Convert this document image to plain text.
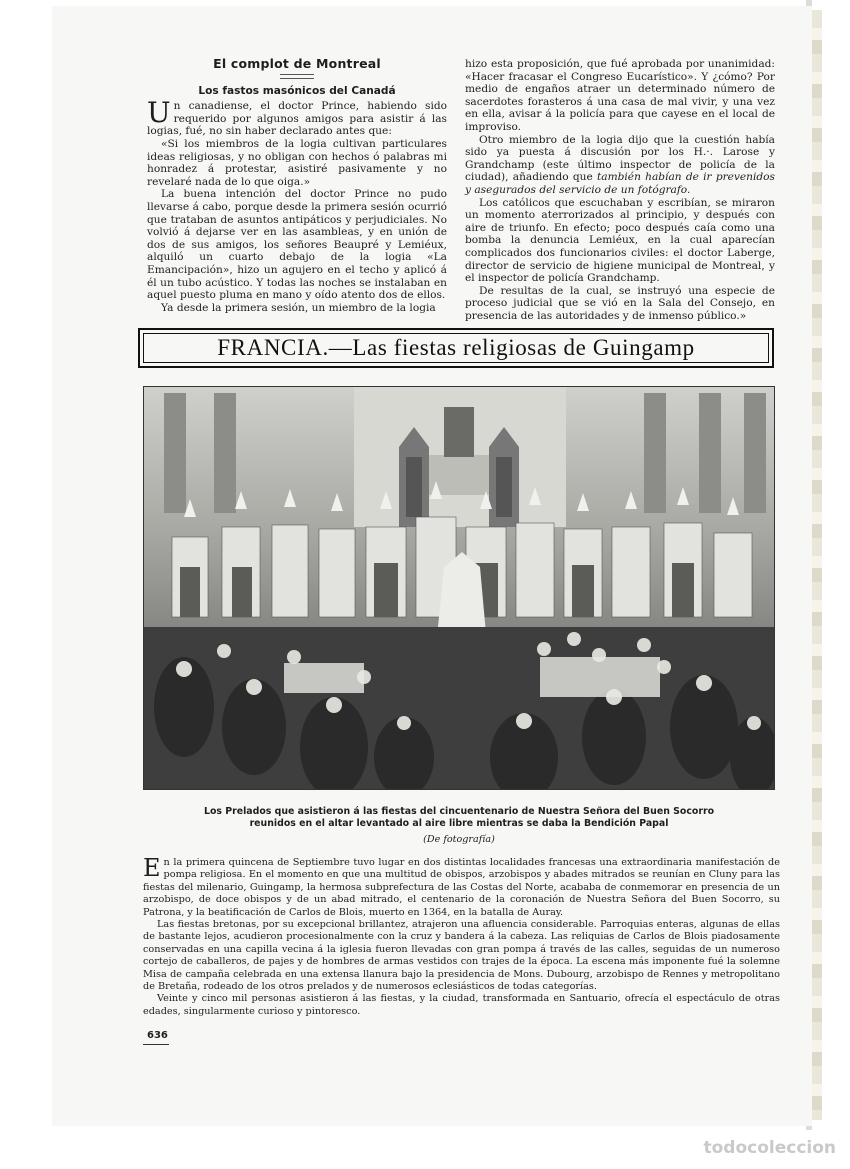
El complot de Montreal
Los fastos masónicos del Canadá

Un canadiense, el doctor Prince, habiendo sido requerido por algunos amigos para asistir á las logias, fué, no sin haber declarado antes que:

«Si los miembros de la logia cultivan particulares ideas religiosas, y no obligan con hechos ó palabras mi honradez á protestar, asistiré pasivamente y no revelaré nada de lo que oiga.»

La buena intención del doctor Prince no pudo llevarse á cabo, porque desde la primera sesión ocurrió que trataban de asuntos antipáticos y perjudiciales. No volvió á dejarse ver en las asambleas, y en unión de dos de sus amigos, los señores Beaupré y Lemiéux, alquiló un cuarto debajo de la logia «La Emancipación», hizo un agujero en el techo y aplicó á él un tubo acústico. Y todas las noches se instalaban en aquel puesto pluma en mano y oído atento dos de ellos.

Ya desde la primera sesión, un miembro de la logia

hizo esta proposición, que fué aprobada por unanimidad: «Hacer fracasar el Congreso Eucarístico». Y ¿cómo? Por medio de engaños atraer un determinado número de sacerdotes forasteros á una casa de mal vivir, y una vez en ella, avisar á la policía para que cayese en el local de improviso.

Otro miembro de la logia dijo que la cuestión había sido ya puesta á discusión por los H.·. Larose y Grandchamp (este último inspector de policía de la ciudad), añadiendo que también habían de ir prevenidos y asegurados del servicio de un fotógrafo.

Los católicos que escuchaban y escribían, se miraron un momento aterrorizados al principio, y después con aire de triunfo. En efecto; poco después caía como una bomba la denuncia Lemiéux, en la cual aparecían complicados dos funcionarios civiles: el doctor Laberge, director de servicio de higiene municipal de Montreal, y el inspector de policía Grandchamp.

De resultas de la cual, se instruyó una especie de proceso judicial que se vió en la Sala del Consejo, en presencia de las autoridades y de inmenso público.»

FRANCIA.—Las fiestas religiosas de Guingamp
Los Prelados que asistieron á las fiestas del cincuentenario de Nuestra Señora del Buen Socorro
reunidos en el altar levantado al aire libre mientras se daba la Bendición Papal
(De fotografía)

En la primera quincena de Septiembre tuvo lugar en dos distintas localidades francesas una extraordinaria manifestación de pompa religiosa. En el momento en que una multitud de obispos, arzobispos y abades mitrados se reunían en Cluny para las fiestas del milenario, Guingamp, la hermosa subprefectura de las Costas del Norte, acababa de conmemorar en presencia de un arzobispo, de doce obispos y de un abad mitrado, el centenario de la coronación de Nuestra Señora del Buen Socorro, su Patrona, y la beatificación de Carlos de Blois, muerto en 1364, en la batalla de Auray.

Las fiestas bretonas, por su excepcional brillantez, atrajeron una afluencia considerable. Parroquias enteras, algunas de ellas de bastante lejos, acudieron procesionalmente con la cruz y bandera á la cabeza. Las reliquias de Carlos de Blois piadosamente conservadas en una capilla vecina á la iglesia fueron llevadas con gran pompa á través de las calles, seguidas de un numeroso cortejo de caballeros, de pajes y de hombres de armas vestidos con trajes de la época. La escena más imponente fué la solemne Misa de campaña celebrada en una extensa llanura bajo la presidencia de Mons. Dubourg, arzobispo de Rennes y metropolitano de Bretaña, rodeado de los otros prelados y de numerosos eclesiásticos de todas categorías.

Veinte y cinco mil personas asistieron á las fiestas, y la ciudad, transformada en Santuario, ofrecía el espectáculo de otras edades, singularmente curioso y pintoresco.

636
todocoleccion
